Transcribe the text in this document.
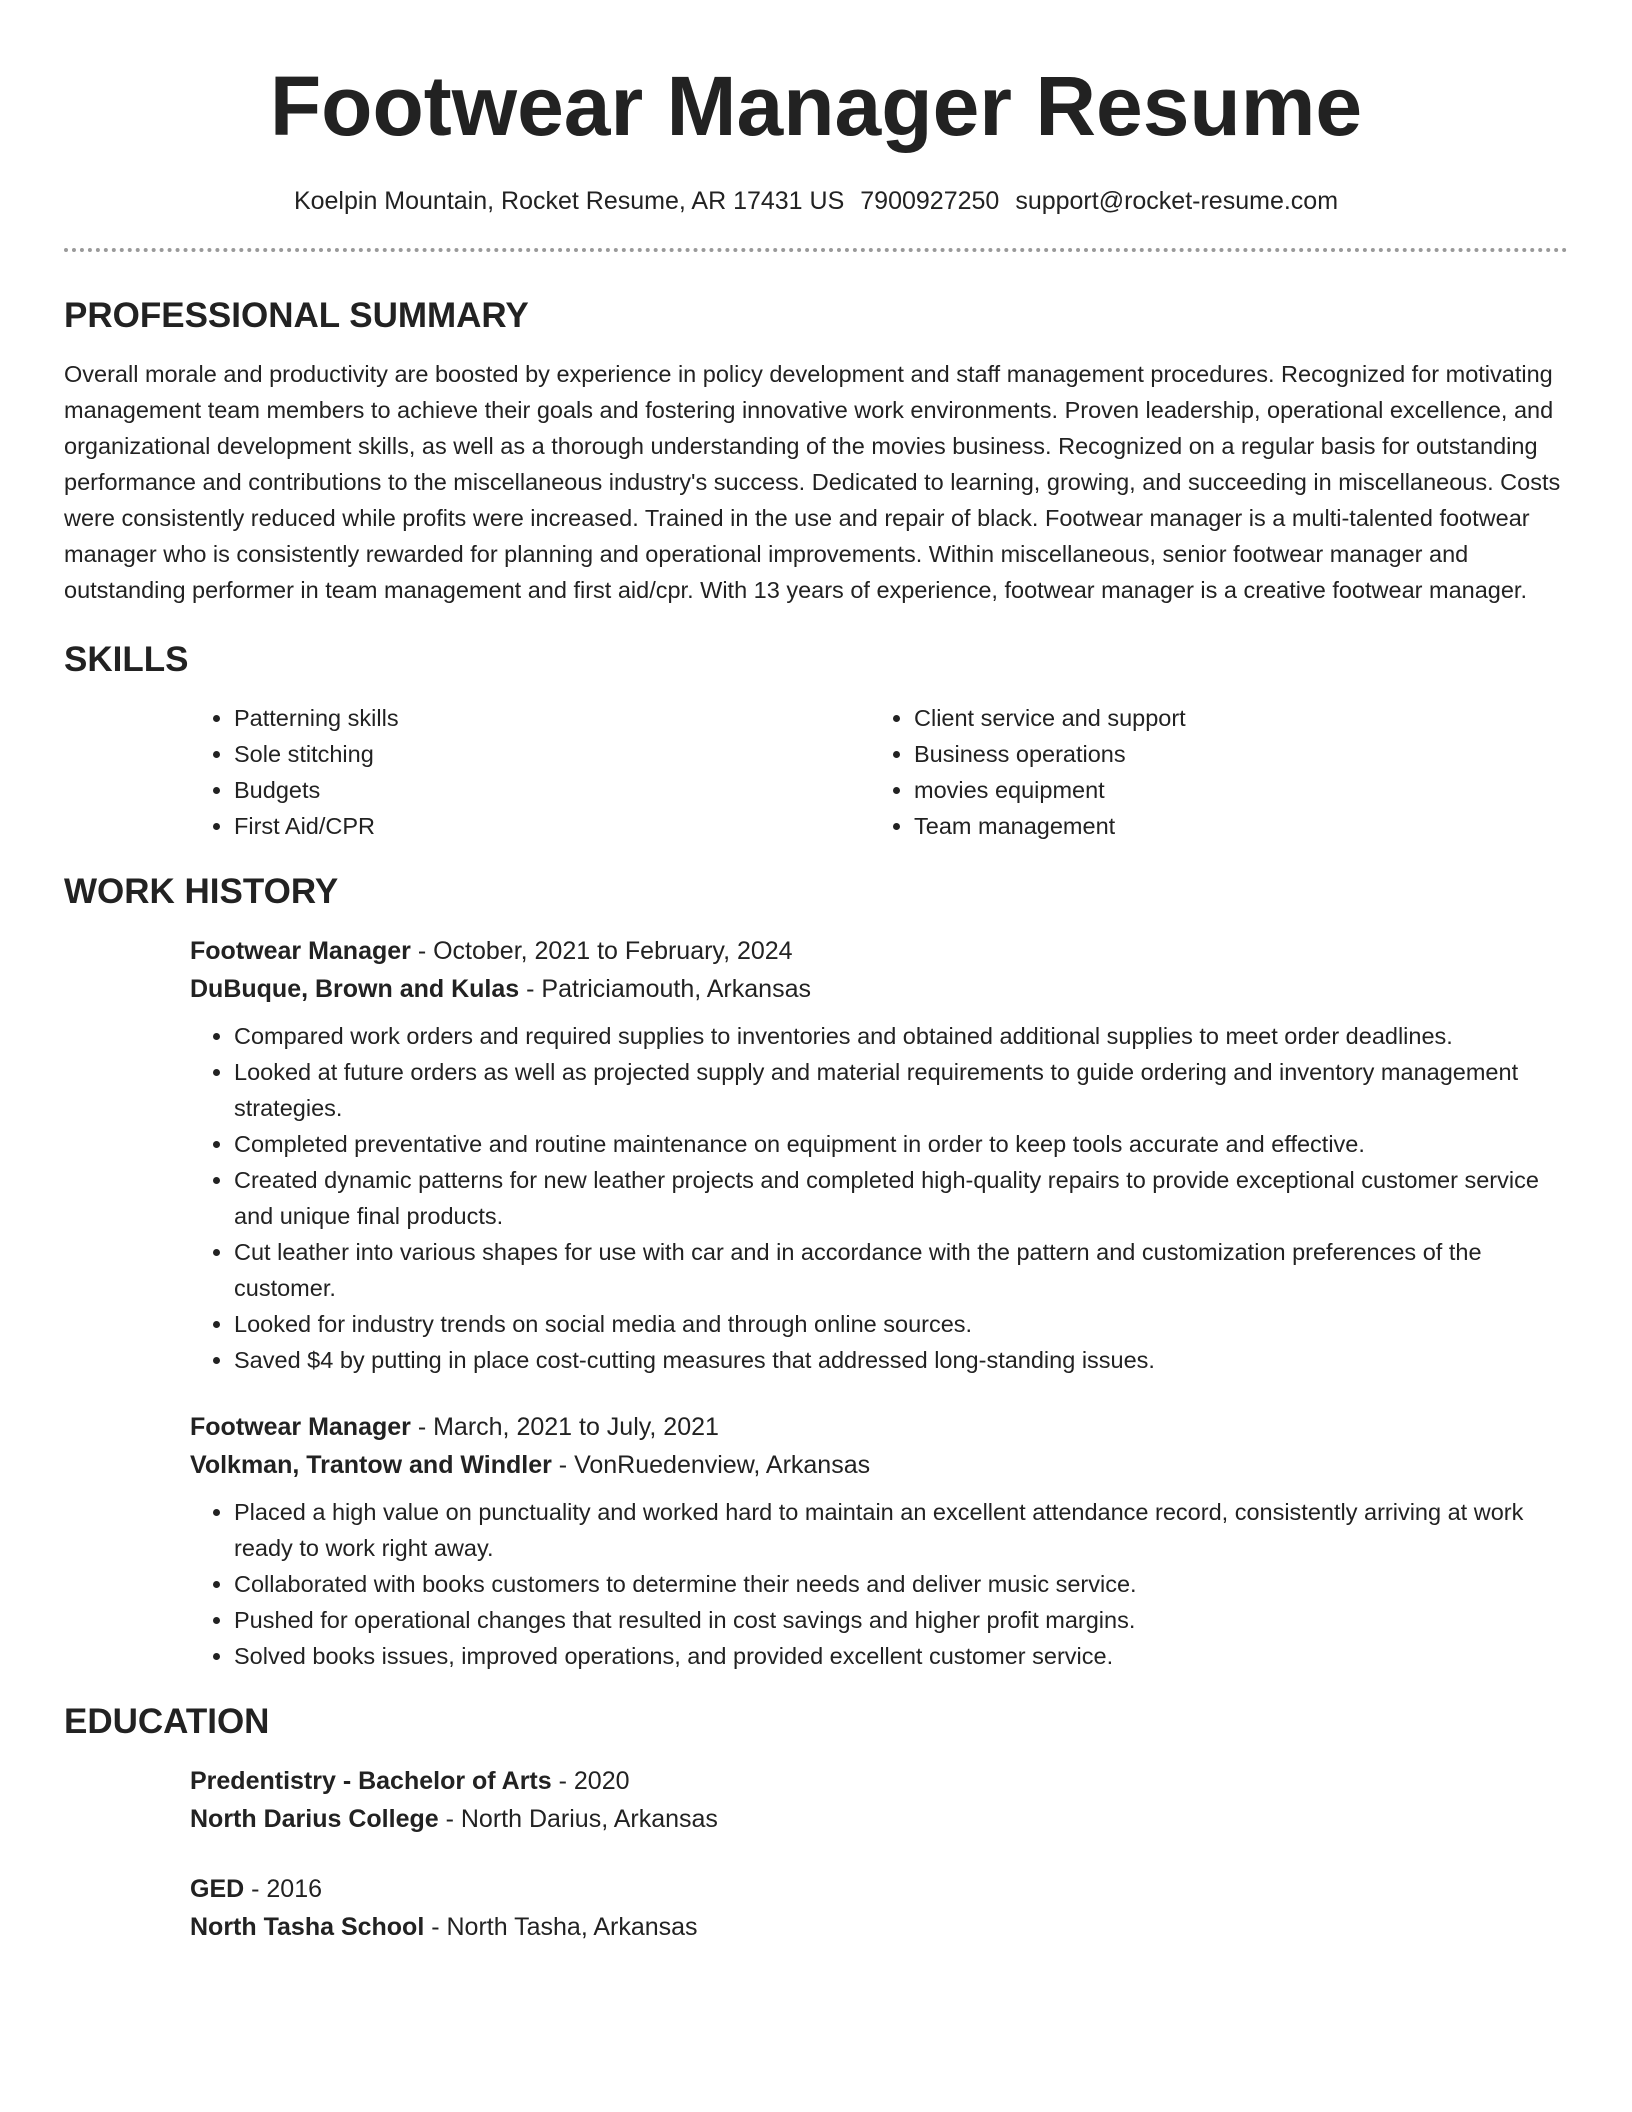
Footwear Manager Resume
Koelpin Mountain, Rocket Resume, AR 17431 US 7900927250 support@rocket-resume.com
PROFESSIONAL SUMMARY

Overall morale and productivity are boosted by experience in policy development and staff management procedures. Recognized for motivating management team members to achieve their goals and fostering innovative work environments. Proven leadership, operational excellence, and organizational development skills, as well as a thorough understanding of the movies business. Recognized on a regular basis for outstanding performance and contributions to the miscellaneous industry's success. Dedicated to learning, growing, and succeeding in miscellaneous. Costs were consistently reduced while profits were increased. Trained in the use and repair of black. Footwear manager is a multi-talented footwear manager who is consistently rewarded for planning and operational improvements. Within miscellaneous, senior footwear manager and outstanding performer in team management and first aid/cpr. With 13 years of experience, footwear manager is a creative footwear manager.

SKILLS
• Patterning skills
• Sole stitching
• Budgets
• First Aid/CPR
• Client service and support
• Business operations
• movies equipment
• Team management
WORK HISTORY
Footwear Manager - October, 2021 to February, 2024
DuBuque, Brown and Kulas - Patriciamouth, Arkansas
• Compared work orders and required supplies to inventories and obtained additional supplies to meet order deadlines.
• Looked at future orders as well as projected supply and material requirements to guide ordering and inventory management strategies.
• Completed preventative and routine maintenance on equipment in order to keep tools accurate and effective.
• Created dynamic patterns for new leather projects and completed high-quality repairs to provide exceptional customer service and unique final products.
• Cut leather into various shapes for use with car and in accordance with the pattern and customization preferences of the customer.
• Looked for industry trends on social media and through online sources.
• Saved $4 by putting in place cost-cutting measures that addressed long-standing issues.
Footwear Manager - March, 2021 to July, 2021
Volkman, Trantow and Windler - VonRuedenview, Arkansas
• Placed a high value on punctuality and worked hard to maintain an excellent attendance record, consistently arriving at work ready to work right away.
• Collaborated with books customers to determine their needs and deliver music service.
• Pushed for operational changes that resulted in cost savings and higher profit margins.
• Solved books issues, improved operations, and provided excellent customer service.
EDUCATION
Predentistry - Bachelor of Arts - 2020
North Darius College - North Darius, Arkansas
GED - 2016
North Tasha School - North Tasha, Arkansas
